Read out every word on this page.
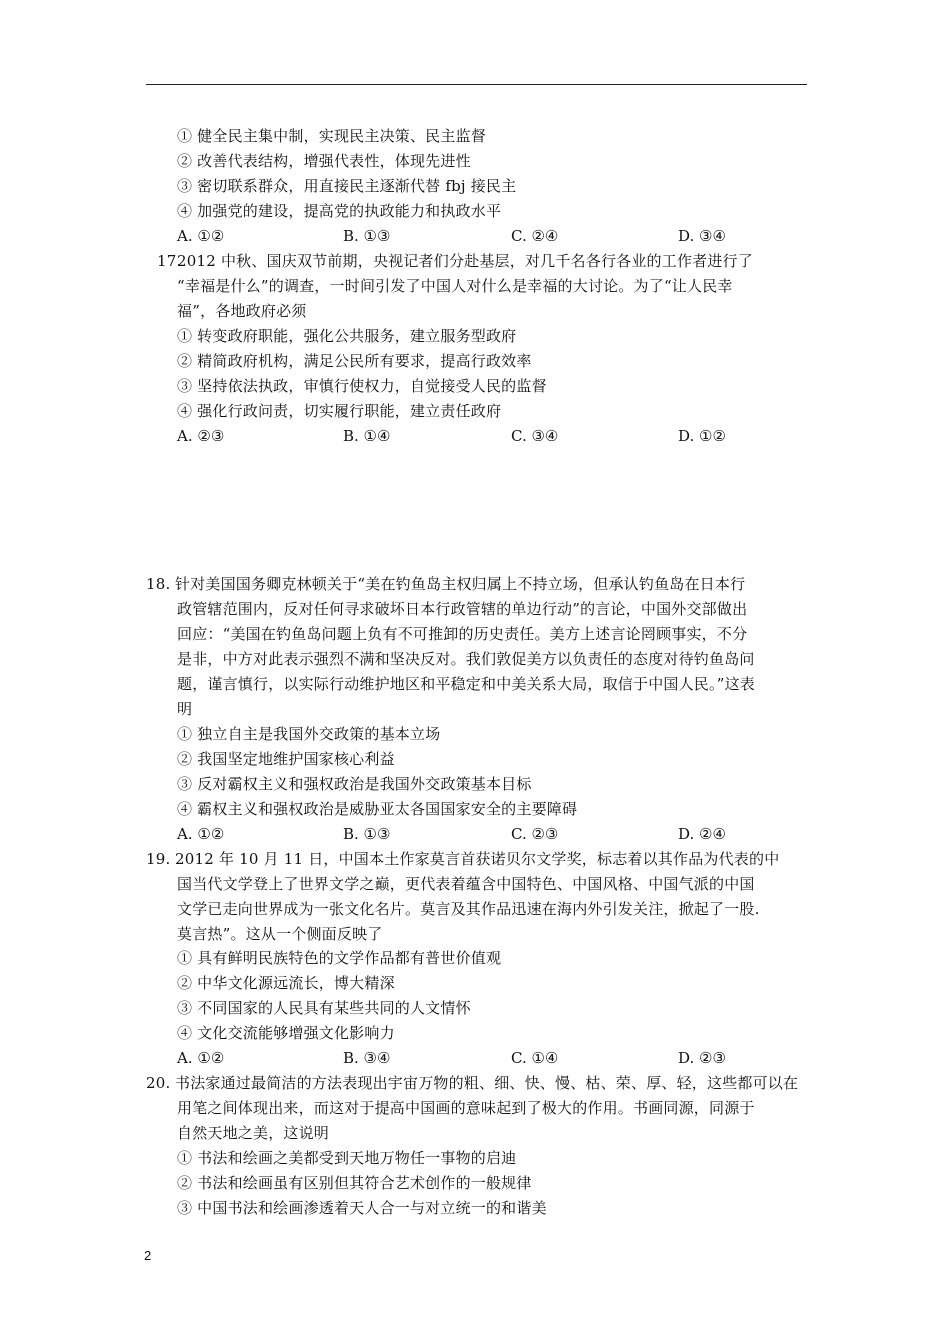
① 健全民主集中制，实现民主决策、民主监督
② 改善代表结构，增强代表性，体现先进性
③ 密切联系群众，用直接民主逐渐代替 fbj 接民主
④ 加强党的建设，提高党的执政能力和执政水平
A. ①②	B. ①③	C. ②④	D. ③④
17.
2012 中秋、国庆双节前期，央视记者们分赴基层，对几千名各行各业的工作者进行了
“幸福是什么”的调查，一时间引发了中国人对什么是幸福的大讨论。为了“让人民幸
福”，各地政府必须
① 转变政府职能，强化公共服务，建立服务型政府
② 精简政府机构，满足公民所有要求，提高行政效率
③ 坚持依法执政，审慎行使权力，自觉接受人民的监督
④ 强化行政问责，切实履行职能，建立责任政府
A. ②③	B. ①④	C. ③④	D. ①②
18. 针对美国国务卿克林顿关于“美在钓鱼岛主权归属上不持立场，但承认钓鱼岛在日本行
政管辖范围内，反对任何寻求破坏日本行政管辖的单边行动”的言论，中国外交部做出
回应：“美国在钓鱼岛问题上负有不可推卸的历史责任。美方上述言论罔顾事实，不分
是非，中方对此表示强烈不满和坚决反对。我们敦促美方以负责任的态度对待钓鱼岛问
题，谨言慎行，以实际行动维护地区和平稳定和中美关系大局，取信于中国人民。”这表
明
① 独立自主是我国外交政策的基本立场
② 我国坚定地维护国家核心利益
③ 反对霸权主义和强权政治是我国外交政策基本目标
④ 霸权主义和强权政治是威胁亚太各国国家安全的主要障碍
A. ①②	B. ①③	C. ②③	D. ②④
19. 2012 年 10 月 11 日，中国本土作家莫言首获诺贝尔文学奖，标志着以其作品为代表的中
国当代文学登上了世界文学之巅，更代表着蕴含中国特色、中国风格、中国气派的中国
文学已走向世界成为一张文化名片。莫言及其作品迅速在海内外引发关注，掀起了一股.
莫言热”。这从一个侧面反映了
① 具有鲜明民族特色的文学作品都有普世价值观
② 中华文化源远流长，博大精深
③ 不同国家的人民具有某些共同的人文情怀
④ 文化交流能够增强文化影响力
A. ①②	B. ③④	C. ①④	D. ②③
20. 书法家通过最简洁的方法表现出宇宙万物的粗、细、快、慢、枯、荣、厚、轻，这些都可以在
用笔之间体现出来，而这对于提高中国画的意味起到了极大的作用。书画同源，同源于
自然天地之美，这说明
① 书法和绘画之美都受到天地万物任一事物的启迪
② 书法和绘画虽有区别但其符合艺术创作的一般规律
③ 中国书法和绘画渗透着天人合一与对立统一的和谐美
2
